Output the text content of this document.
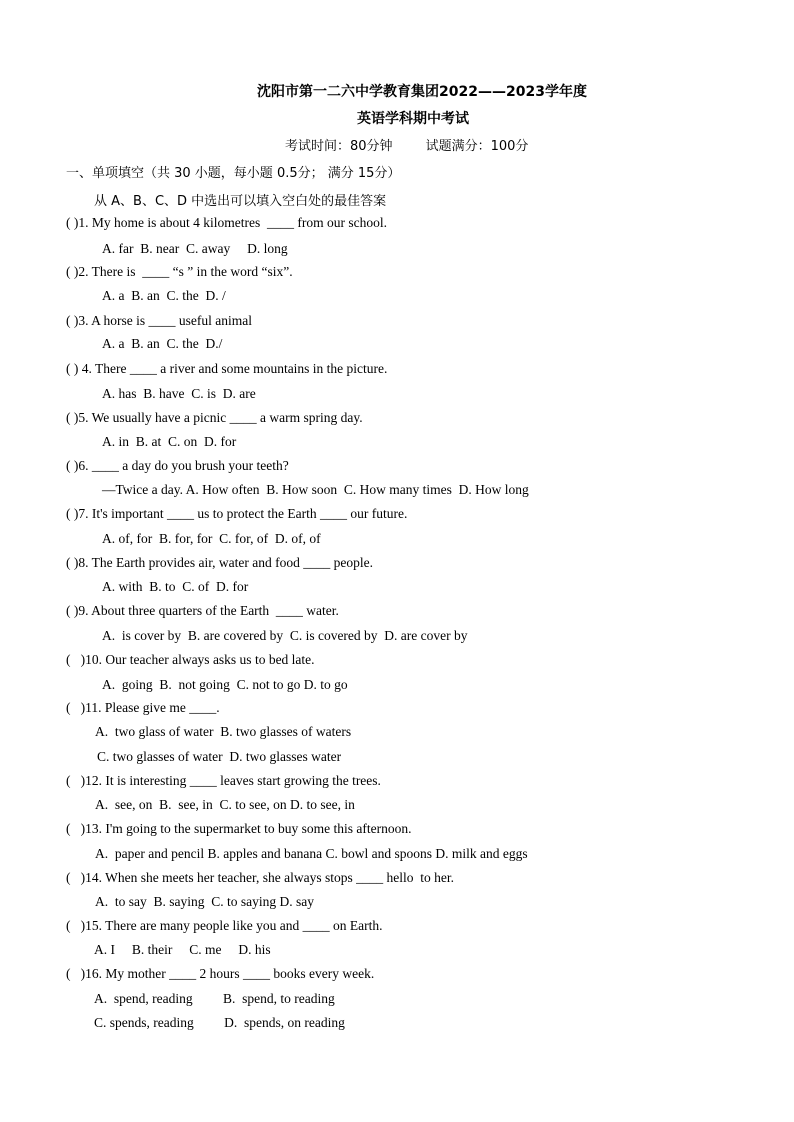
沈阳市第一二六中学教育集团2022——2023学年度
英语学科期中考试
考试时间：80分钟        试题满分：100分
一、单项填空（共 30 小题，每小题 0.5分； 满分 15分）
从 A、B、C、D 中选出可以填入空白处的最佳答案
( )1. My home is about 4 kilometres  ____ from our school.
A. far  B. near  C. away     D. long
( )2. There is  ____ “s ” in the word “six”.
A. a  B. an  C. the  D. /
( )3. A horse is ____ useful animal
A. a  B. an  C. the  D./
( ) 4. There ____ a river and some mountains in the picture.
A. has  B. have  C. is  D. are
( )5. We usually have a picnic ____ a warm spring day.
A. in  B. at  C. on  D. for
( )6. ____ a day do you brush your teeth?
—Twice a day. A. How often  B. How soon  C. How many times  D. How long
( )7. It's important ____ us to protect the Earth ____ our future.
A. of, for  B. for, for  C. for, of  D. of, of
( )8. The Earth provides air, water and food ____ people.
A. with  B. to  C. of  D. for
( )9. About three quarters of the Earth  ____ water.
A.  is cover by  B. are covered by  C. is covered by  D. are cover by
(   )10. Our teacher always asks us to bed late.
A.  going  B.  not going  C. not to go D. to go
(   )11. Please give me ____.
A.  two glass of water  B. two glasses of waters
C. two glasses of water  D. two glasses water
(   )12. It is interesting ____ leaves start growing the trees.
A.  see, on  B.  see, in  C. to see, on D. to see, in
(   )13. I'm going to the supermarket to buy some this afternoon.
A.  paper and pencil B. apples and banana C. bowl and spoons D. milk and eggs
(   )14. When she meets her teacher, she always stops ____ hello  to her.
A.  to say  B. saying  C. to saying D. say
(   )15. There are many people like you and ____ on Earth.
A. I     B. their     C. me     D. his
(   )16. My mother ____ 2 hours ____ books every week.
A.  spend, reading         B.  spend, to reading
C. spends, reading         D.  spends, on reading
